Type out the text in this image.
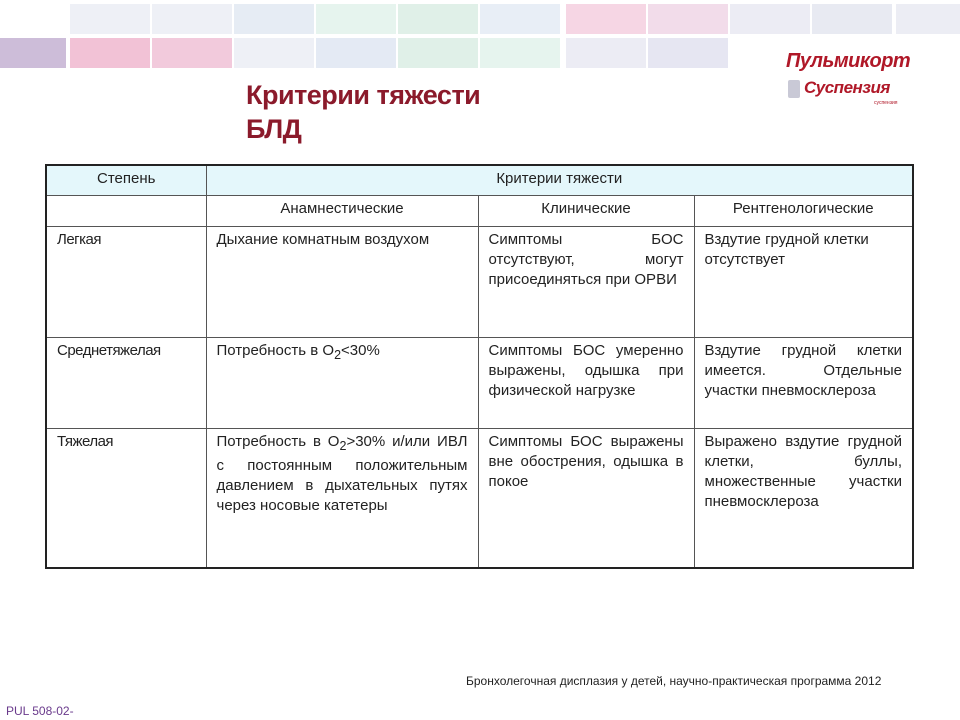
Критерии тяжести
БЛД
Пульмикорт
Суспензия
суспензия
Степень	Критерии тяжести		
	Анамнестические	Клинические	Рентгенологические
Легкая	Дыхание комнатным воздухом	Симптомы БОС отсутствуют, могут присоединяться при ОРВИ	Вздутие грудной клетки отсутствует
Среднетяжелая	Потребность в $O_2<30\%$	Симптомы БОС умеренно выражены, одышка при физической нагрузке	Вздутие грудной клетки имеется. Отдельные участки пневмосклероза
Тяжелая	Потребность в $O_2>30\%$ и/или ИВЛ с постоянным положительным давлением в дыхательных путях через носовые катетеры	Симптомы БОС выражены вне обострения, одышка в покое	Выражено вздутие грудной клетки, буллы, множественные участки пневмосклероза
Бронхолегочная дисплазия у детей, научно-практическая программа 2012
PUL 508-02-
